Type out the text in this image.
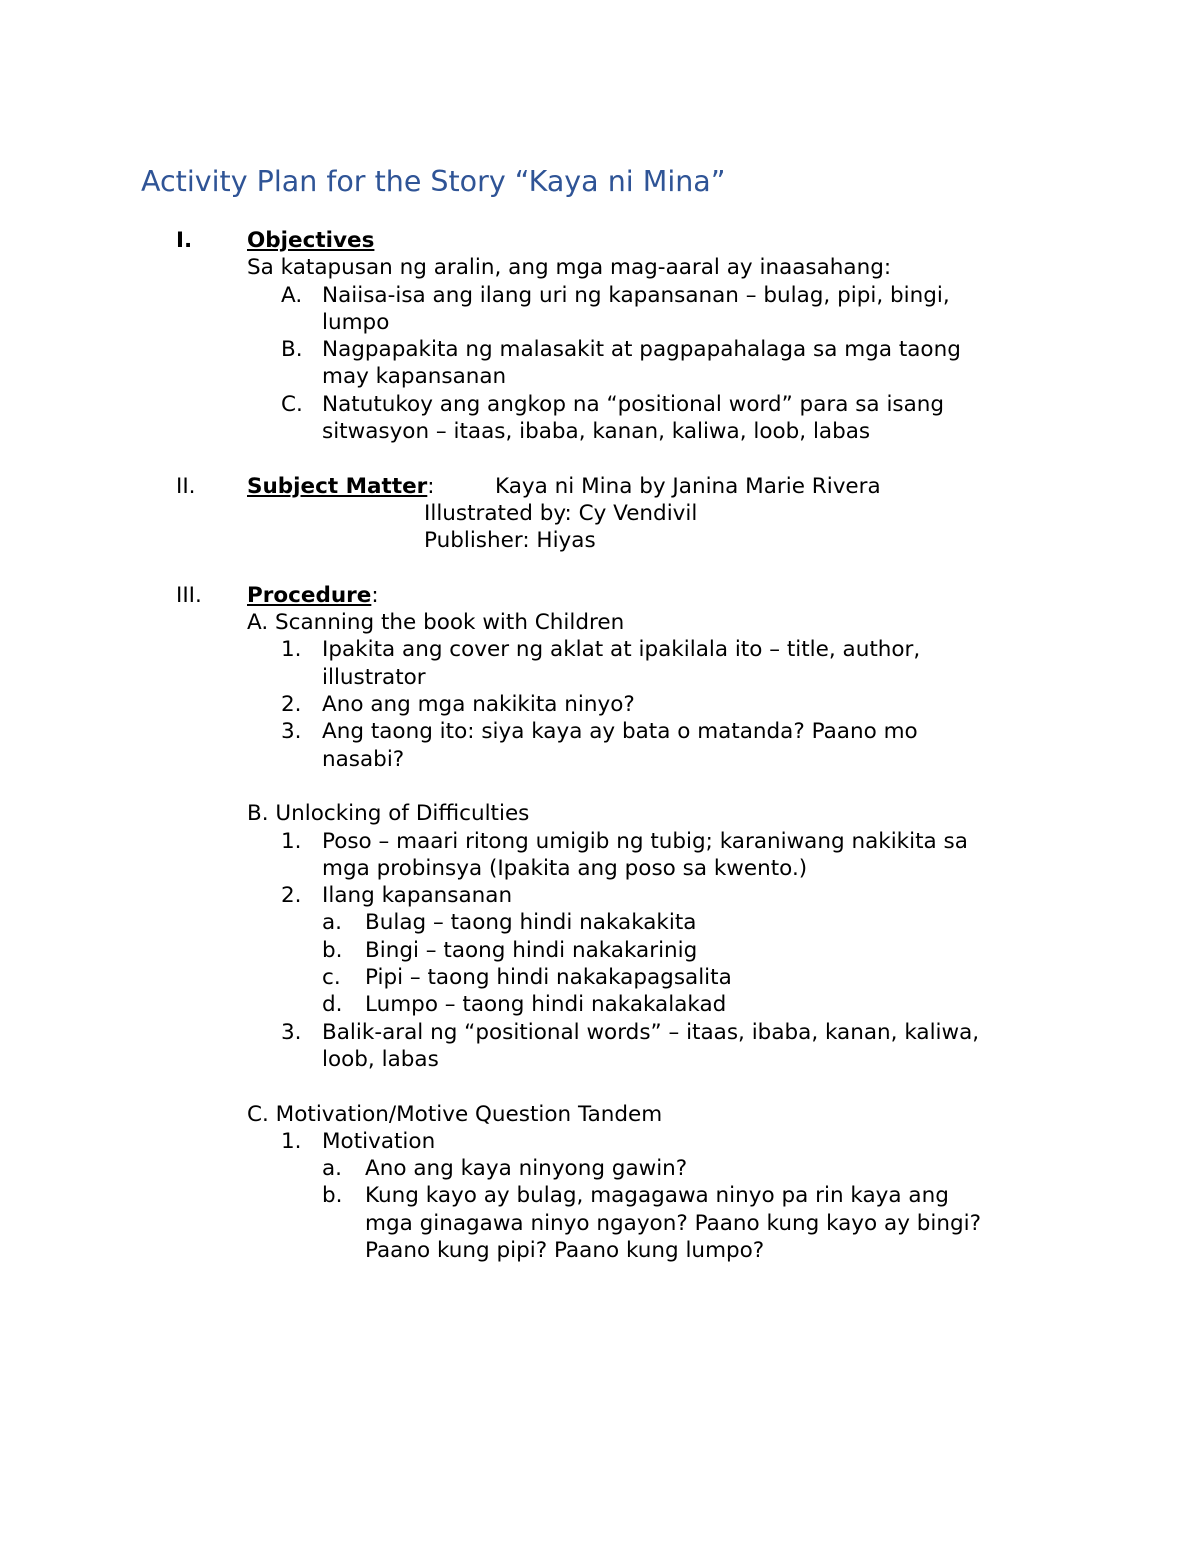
Activity Plan for the Story “Kaya ni Mina”
I.	Objectives
Sa katapusan ng aralin, ang mga mag-aaral ay inaasahang:
A. Naiisa-isa ang ilang uri ng kapansanan – bulag, pipi, bingi,
lumpo
B. Nagpapakita ng malasakit at pagpapahalaga sa mga taong
may kapansanan
C. Natutukoy ang angkop na “positional word” para sa isang
sitwasyon – itaas, ibaba, kanan, kaliwa, loob, labas
II. Subject Matter:	Kaya ni Mina by Janina Marie Rivera
Illustrated by: Cy Vendivil
Publisher: Hiyas
III. Procedure:
A. Scanning the book with Children
1. Ipakita ang cover ng aklat at ipakilala ito – title, author,
illustrator
2. Ano ang mga nakikita ninyo?
3. Ang taong ito: siya kaya ay bata o matanda? Paano mo
nasabi?
B. Unlocking of Difficulties
1. Poso – maari ritong umigib ng tubig; karaniwang nakikita sa
mga probinsya (Ipakita ang poso sa kwento.)
2. Ilang kapansanan
a. Bulag – taong hindi nakakakita
b. Bingi – taong hindi nakakarinig
c. Pipi – taong hindi nakakapagsalita
d. Lumpo – taong hindi nakakalakad
3. Balik-aral ng “positional words” – itaas, ibaba, kanan, kaliwa,
loob, labas
C. Motivation/Motive Question Tandem
1. Motivation
a. Ano ang kaya ninyong gawin?
b. Kung kayo ay bulag, magagawa ninyo pa rin kaya ang
mga ginagawa ninyo ngayon? Paano kung kayo ay bingi?
Paano kung pipi? Paano kung lumpo?
